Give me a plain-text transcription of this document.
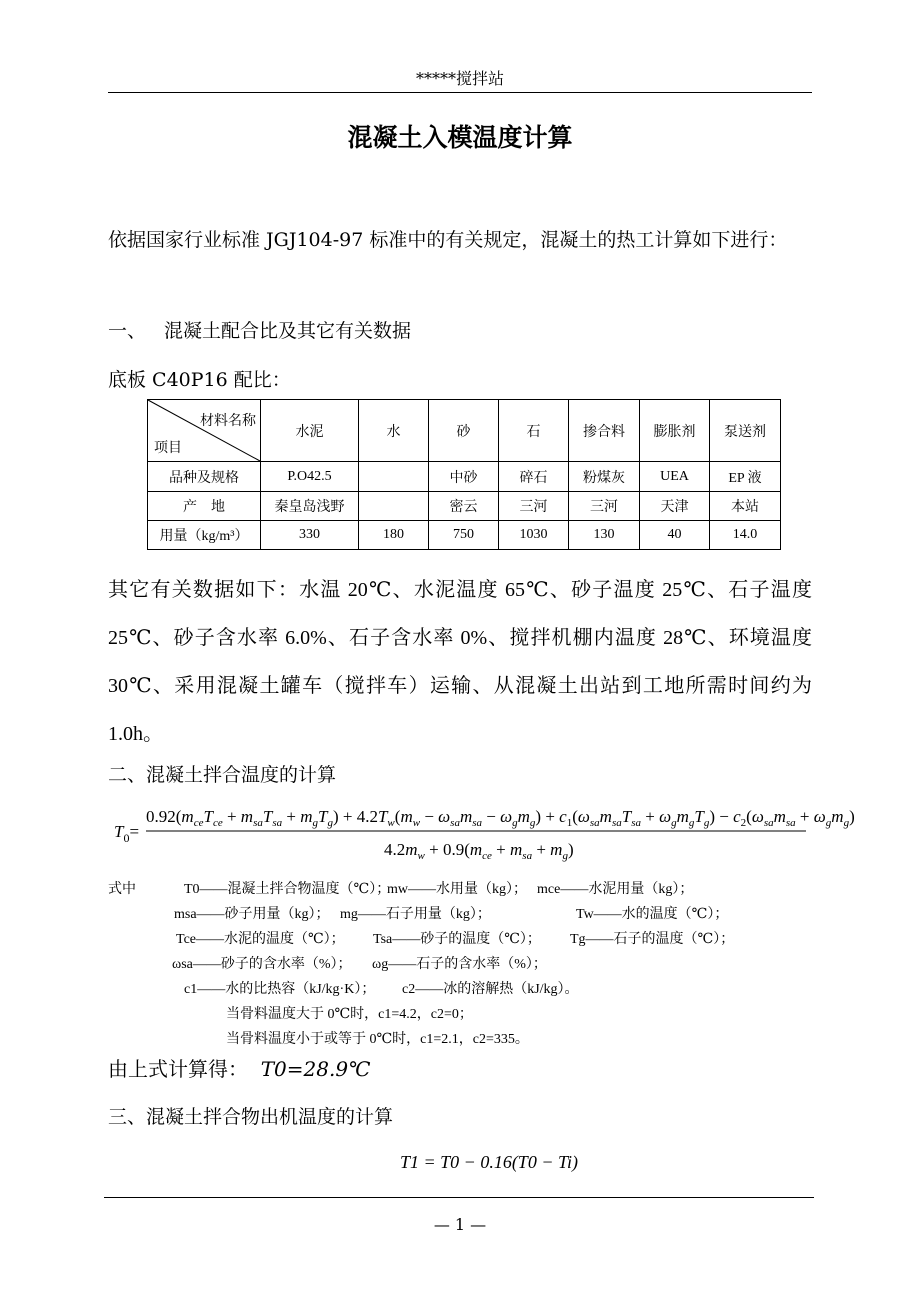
*****搅拌站
混凝土入模温度计算
依据国家行业标准 JGJ104-97 标准中的有关规定，混凝土的热工计算如下进行：
一、 混凝土配合比及其它有关数据
底板 C40P16 配比：
材料名称
项目	水泥	水	砂	石	掺合料	膨胀剂	泵送剂
品种及规格	P.O42.5		中砂	碎石	粉煤灰	UEA	EP 液
产　地	秦皇岛浅野		密云	三河	三河	天津	本站
用量（kg/m³）	330	180	750	1030	130	40	14.0
其它有关数据如下：水温 20℃、水泥温度 65℃、砂子温度 25℃、石子温度 25℃、砂子含水率 6.0%、石子含水率 0%、搅拌机棚内温度 28℃、环境温度 30℃、采用混凝土罐车（搅拌车）运输、从混凝土出站到工地所需时间约为 1.0h。
二、混凝土拌合温度的计算
$T_0=$
$0.92(m_{ce}T_{ce} + m_{sa}T_{sa} + m_gT_g) + 4.2T_w(m_w - \omega_{sa}m_{sa} - \omega_gm_g) + c_1(\omega_{sa}m_{sa}T_{sa} + \omega_gm_gT_g) - c_2(\omega_{sa}m_{sa} + \omega_gm_g)$
$4.2m_w + 0.9(m_{ce} + m_{sa} + m_g)$
式中	T0——混凝土拌合物温度（℃）；
mw——水用量（kg）； mce——水泥用量（kg）；
msa——砂子用量（kg）； mg——石子用量（kg）；	Tw——水的温度（℃）；
Tce——水泥的温度（℃）； Tsa——砂子的温度（℃）； Tg——石子的温度（℃）；
ωsa——砂子的含水率（%）； ωg——石子的含水率（%）；
c1——水的比热容（kJ/kg·K）； c2——冰的溶解热（kJ/kg）。
当骨料温度大于 0℃时，c1=4.2，c2=0；
当骨料温度小于或等于 0℃时，c1=2.1，c2=335。
由上式计算得： T0=28.9℃
三、混凝土拌合物出机温度的计算
T1 = T0 − 0.16(T0 − Ti)
— 1 —
